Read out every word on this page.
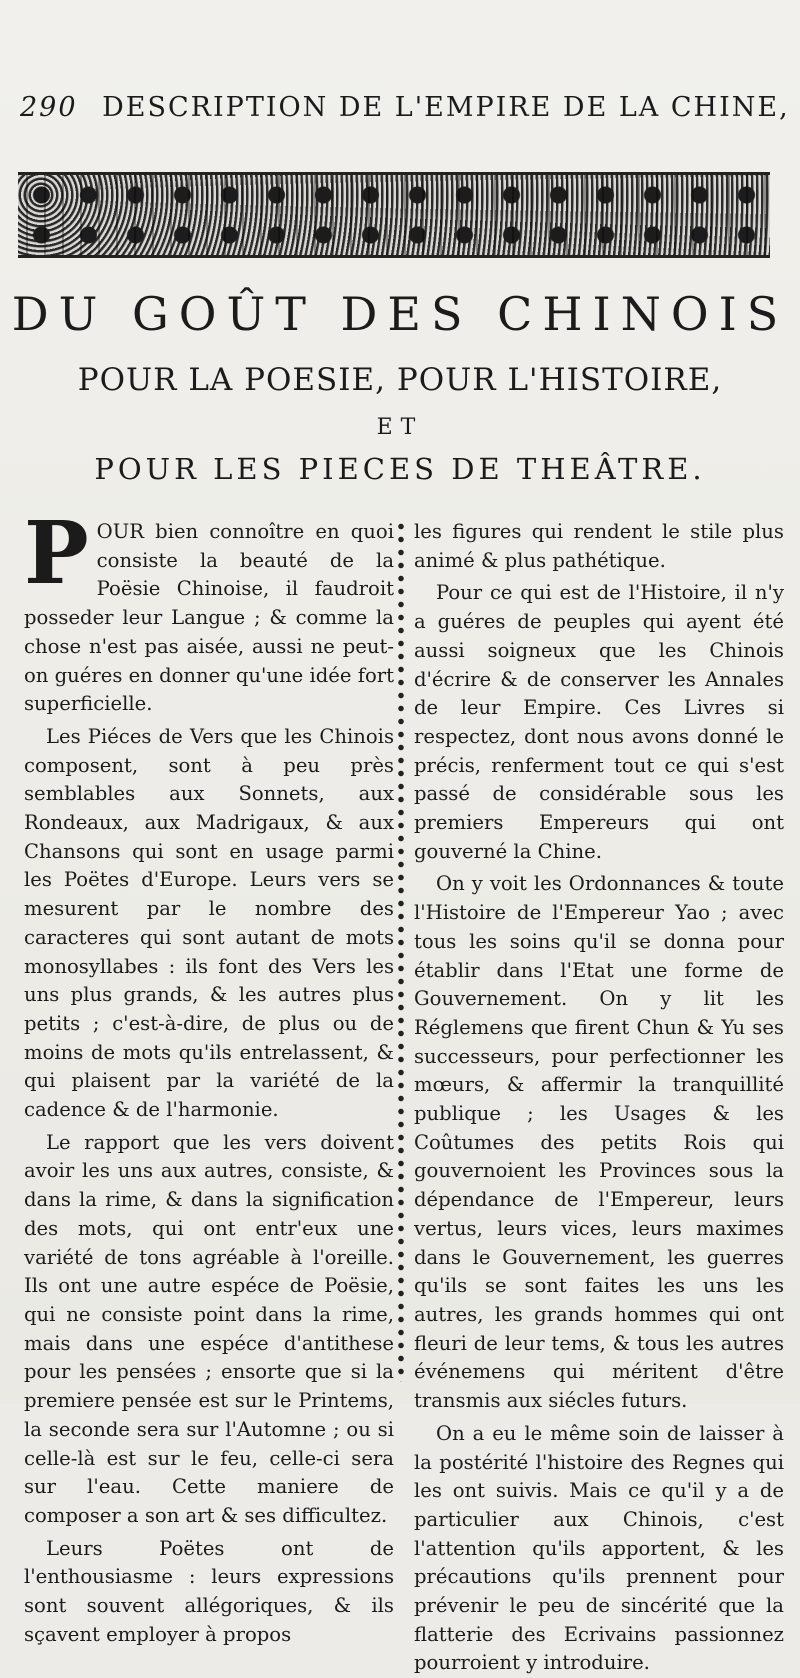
290 DESCRIPTION DE L'EMPIRE DE LA CHINE,
DU GOÛT DES CHINOIS
POUR LA POESIE, POUR L'HISTOIRE,
ET
POUR LES PIECES DE THEÂTRE.

POUR bien connoître en quoi consiste la beauté de la Poësie Chinoise, il faudroit posseder leur Langue ; & comme la chose n'est pas aisée, aussi ne peut-on guéres en donner qu'une idée fort superficielle.

Les Piéces de Vers que les Chinois composent, sont à peu près semblables aux Sonnets, aux Rondeaux, aux Madrigaux, & aux Chansons qui sont en usage parmi les Poëtes d'Europe. Leurs vers se mesurent par le nombre des caracteres qui sont autant de mots monosyllabes : ils font des Vers les uns plus grands, & les autres plus petits ; c'est-à-dire, de plus ou de moins de mots qu'ils entrelassent, & qui plaisent par la variété de la cadence & de l'harmonie.

Le rapport que les vers doivent avoir les uns aux autres, consiste, & dans la rime, & dans la signification des mots, qui ont entr'eux une variété de tons agréable à l'oreille. Ils ont une autre espéce de Poësie, qui ne consiste point dans la rime, mais dans une espéce d'antithese pour les pensées ; ensorte que si la premiere pensée est sur le Printems, la seconde sera sur l'Automne ; ou si celle-là est sur le feu, celle-ci sera sur l'eau. Cette maniere de composer a son art & ses difficultez.

Leurs Poëtes ont de l'enthousiasme : leurs expressions sont souvent allégoriques, & ils sçavent employer à propos

les figures qui rendent le stile plus animé & plus pathétique.

Pour ce qui est de l'Histoire, il n'y a guéres de peuples qui ayent été aussi soigneux que les Chinois d'écrire & de conserver les Annales de leur Empire. Ces Livres si respectez, dont nous avons donné le précis, renferment tout ce qui s'est passé de considérable sous les premiers Empereurs qui ont gouverné la Chine.

On y voit les Ordonnances & toute l'Histoire de l'Empereur Yao ; avec tous les soins qu'il se donna pour établir dans l'Etat une forme de Gouvernement. On y lit les Réglemens que firent Chun & Yu ses successeurs, pour perfectionner les mœurs, & affermir la tranquillité publique ; les Usages & les Coûtumes des petits Rois qui gouvernoient les Provinces sous la dépendance de l'Empereur, leurs vertus, leurs vices, leurs maximes dans le Gouvernement, les guerres qu'ils se sont faites les uns les autres, les grands hommes qui ont fleuri de leur tems, & tous les autres événemens qui méritent d'être transmis aux siécles futurs.

On a eu le même soin de laisser à la postérité l'histoire des Regnes qui les ont suivis. Mais ce qu'il y a de particulier aux Chinois, c'est l'attention qu'ils apportent, & les précautions qu'ils prennent pour prévenir le peu de sincérité que la flatterie des Ecrivains passionnez pourroient y introduire.
